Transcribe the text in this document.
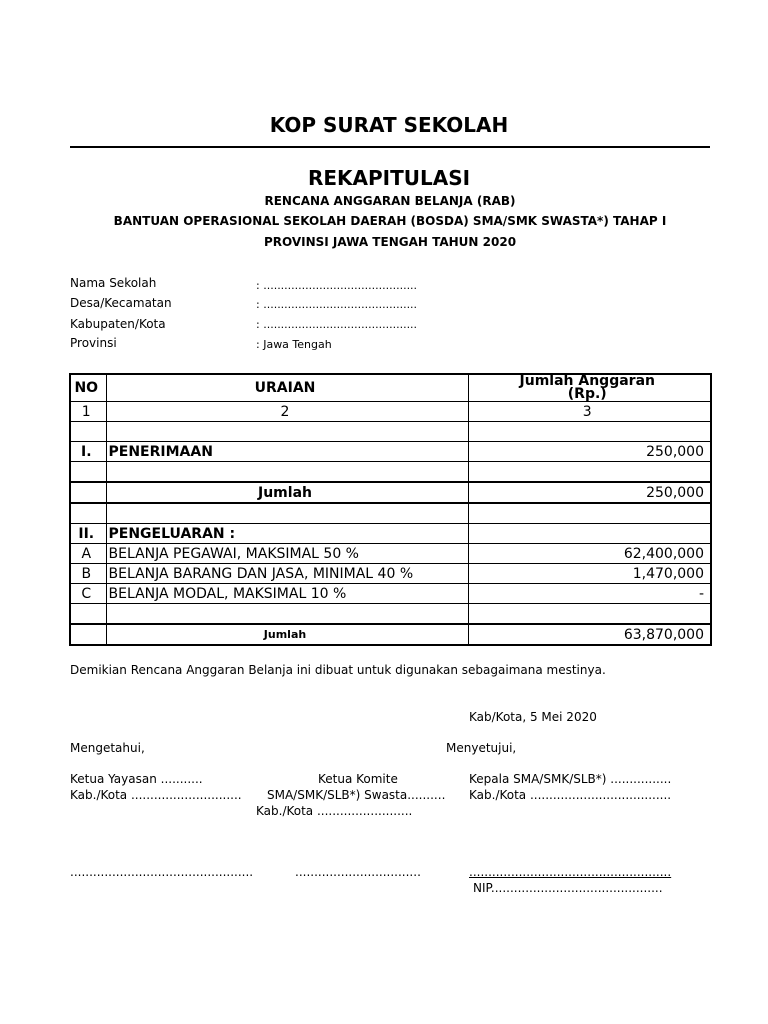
KOP SURAT SEKOLAH
REKAPITULASI
RENCANA ANGGARAN BELANJA (RAB)
BANTUAN OPERASIONAL SEKOLAH DAERAH (BOSDA) SMA/SMK SWASTA*) TAHAP I
PROVINSI JAWA TENGAH TAHUN 2020
Nama Sekolah	: ............................................
Desa/Kecamatan	: ............................................
Kabupaten/Kota	: ............................................
Provinsi	: Jawa Tengah
NO	URAIAN	Jumlah Anggaran
(Rp.)
1	2	3

I.	PENERIMAAN	250,000

	Jumlah	250,000

II.	PENGELUARAN :	
A	BELANJA PEGAWAI, MAKSIMAL 50 %	62,400,000
B	BELANJA BARANG DAN JASA, MINIMAL 40 %	1,470,000
C	BELANJA MODAL, MAKSIMAL 10 %	-

	Jumlah	63,870,000
Demikian Rencana Anggaran Belanja ini dibuat untuk digunakan sebagaimana mestinya.
Kab/Kota, 5 Mei 2020
Mengetahui,	Menyetujui,
Ketua Yayasan ...........
Kab./Kota .............................
Ketua Komite
SMA/SMK/SLB*) Swasta..........
Kab./Kota .........................
Kepala SMA/SMK/SLB*) ................
Kab./Kota .....................................
................................................	.................................	.....................................................
NIP.............................................
